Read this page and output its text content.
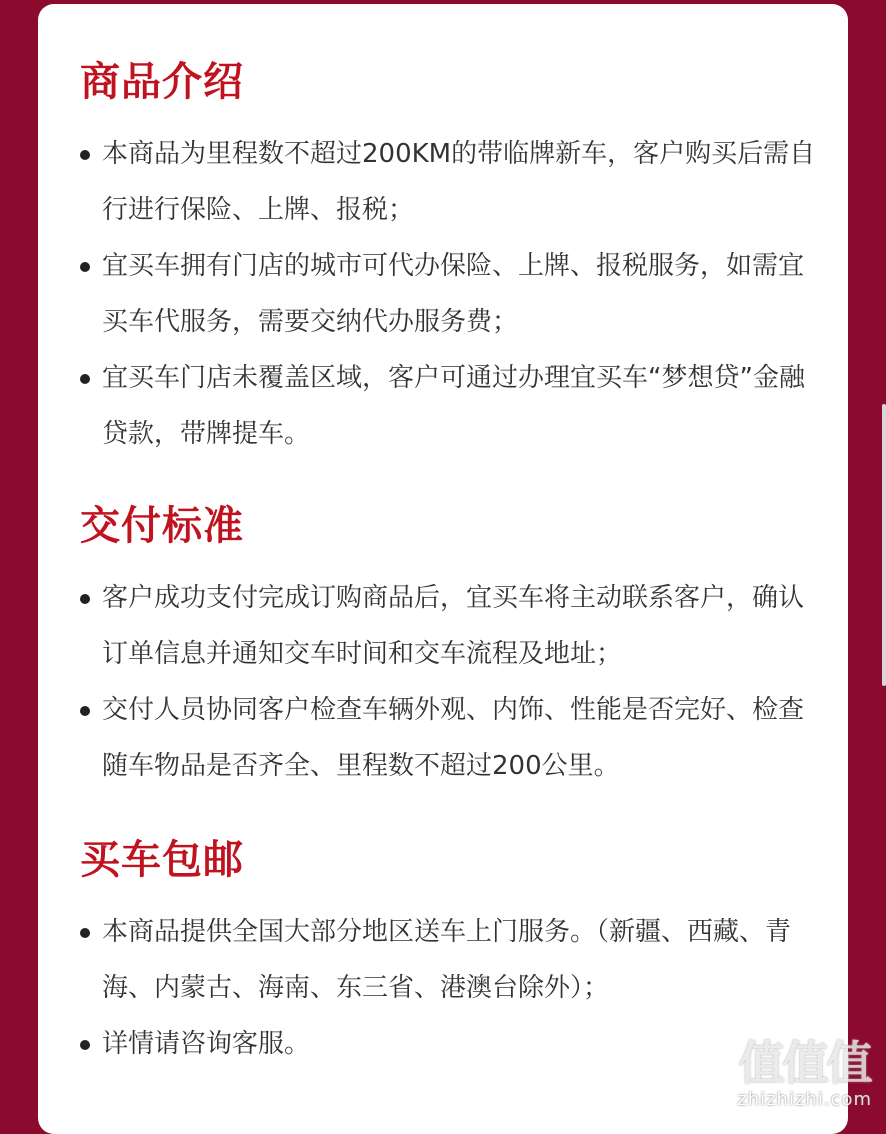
商品介绍
本商品为里程数不超过200KM的带临牌新车，客户购买后需自行进行保险、上牌、报税；
宜买车拥有门店的城市可代办保险、上牌、报税服务，如需宜买车代服务，需要交纳代办服务费；
宜买车门店未覆盖区域，客户可通过办理宜买车“梦想贷”金融贷款，带牌提车。
交付标准
客户成功支付完成订购商品后，宜买车将主动联系客户，确认订单信息并通知交车时间和交车流程及地址；
交付人员协同客户检查车辆外观、内饰、性能是否完好、检查随车物品是否齐全、里程数不超过200公里。
买车包邮
本商品提供全国大部分地区送车上门服务。（新疆、西藏、青海、内蒙古、海南、东三省、港澳台除外）；
详情请咨询客服。	值值值
zhizhizhi.com
